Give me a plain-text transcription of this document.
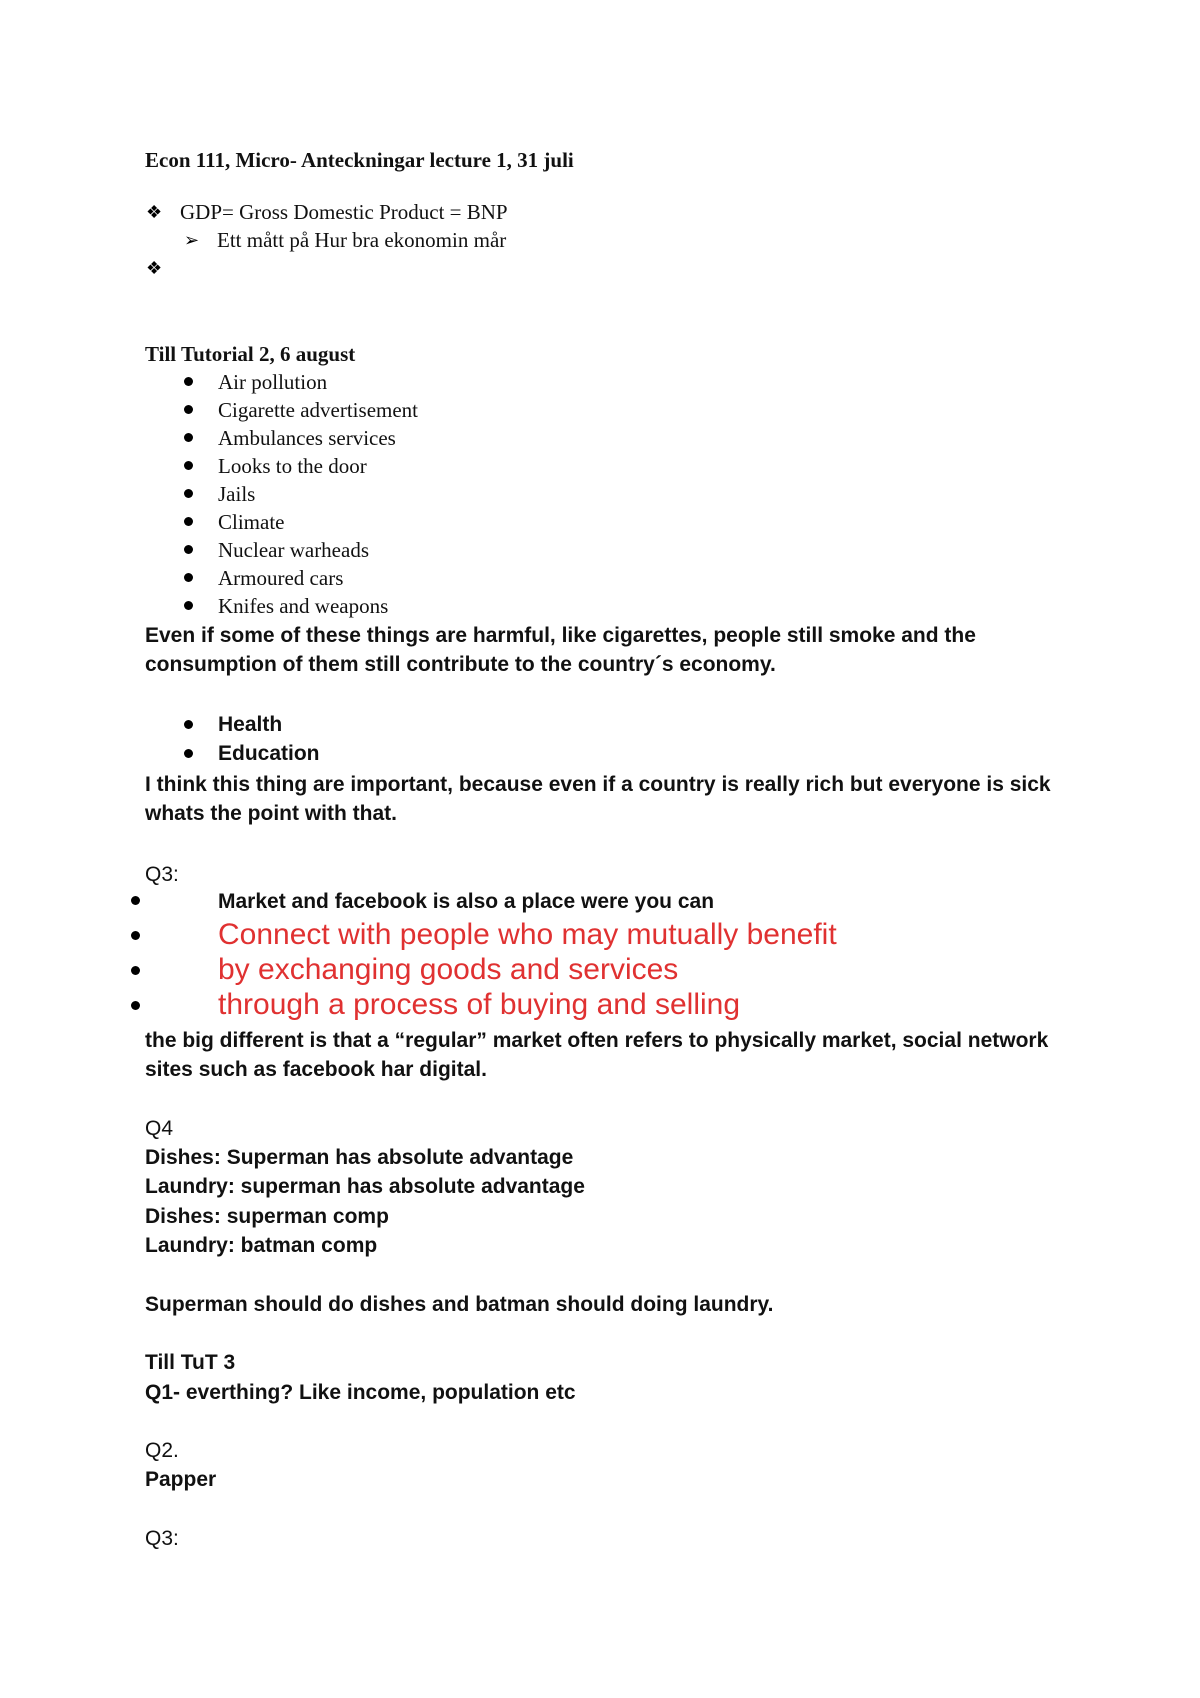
Econ 111, Micro- Anteckningar lecture 1, 31 juli
❖ GDP= Gross Domestic Product = BNP
➢ Ett mått på Hur bra ekonomin mår
❖
Till Tutorial 2, 6 august
Air pollution
Cigarette advertisement
Ambulances services
Looks to the door
Jails
Climate
Nuclear warheads
Armoured cars
Knifes and weapons
Even if some of these things are harmful, like cigarettes, people still smoke and the
consumption of them still contribute to the country´s economy.
Health
Education
I think this thing are important, because even if a country is really rich but everyone is sick
whats the point with that.
Q3:
Market and facebook is also a place were you can
Connect with people who may mutually benefit
by exchanging goods and services
through a process of buying and selling
the big different is that a “regular” market often refers to physically market, social network
sites such as facebook har digital.
Q4
Dishes: Superman has absolute advantage
Laundry: superman has absolute advantage
Dishes: superman comp
Laundry: batman comp
Superman should do dishes and batman should doing laundry.
Till TuT 3
Q1- everthing? Like income, population etc
Q2.
Papper
Q3:
